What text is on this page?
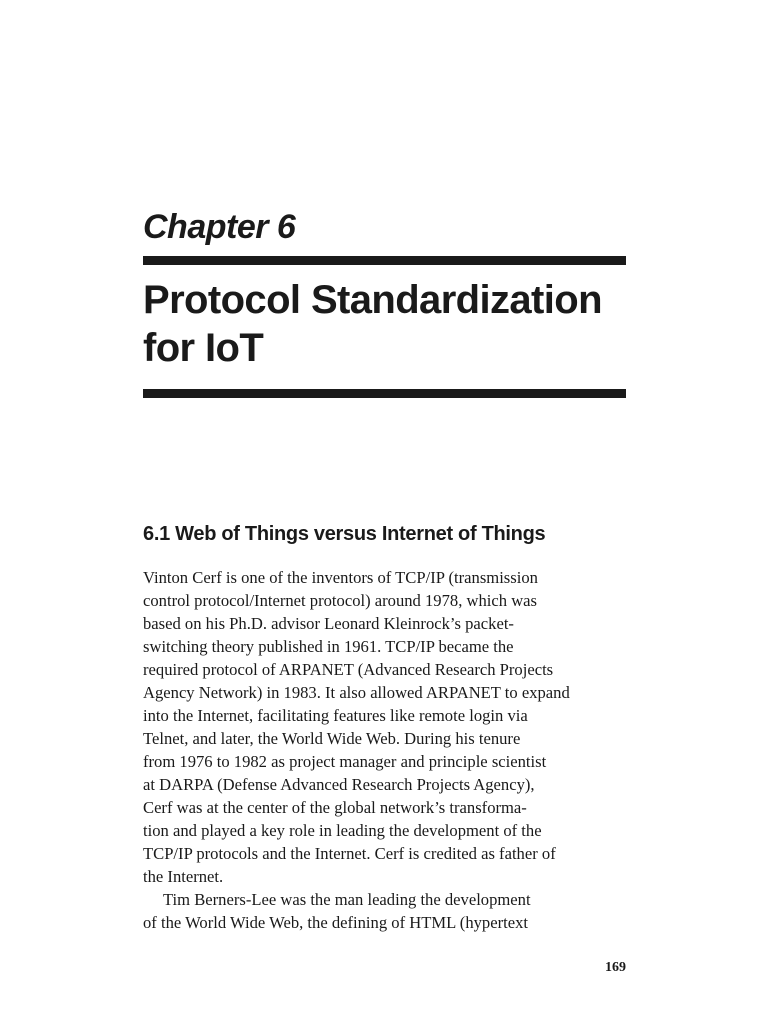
Chapter 6
Protocol Standardization
for IoT
6.1 Web of Things versus Internet of Things
Vinton Cerf is one of the inventors of TCP/IP (transmission
control protocol/Internet protocol) around 1978, which was
based on his Ph.D. advisor Leonard Kleinrock’s packet-
switching theory published in 1961. TCP/IP became the
required protocol of ARPANET (Advanced Research Projects
Agency Network) in 1983. It also allowed ARPANET to expand
into the Internet, facilitating features like remote login via
Telnet, and later, the World Wide Web. During his tenure
from 1976 to 1982 as project manager and principle scientist
at DARPA (Defense Advanced Research Projects Agency),
Cerf was at the center of the global network’s transforma-
tion and played a key role in leading the development of the
TCP/IP protocols and the Internet. Cerf is credited as father of
the Internet.
Tim Berners-Lee was the man leading the development
of the World Wide Web, the defining of HTML (hypertext

169
